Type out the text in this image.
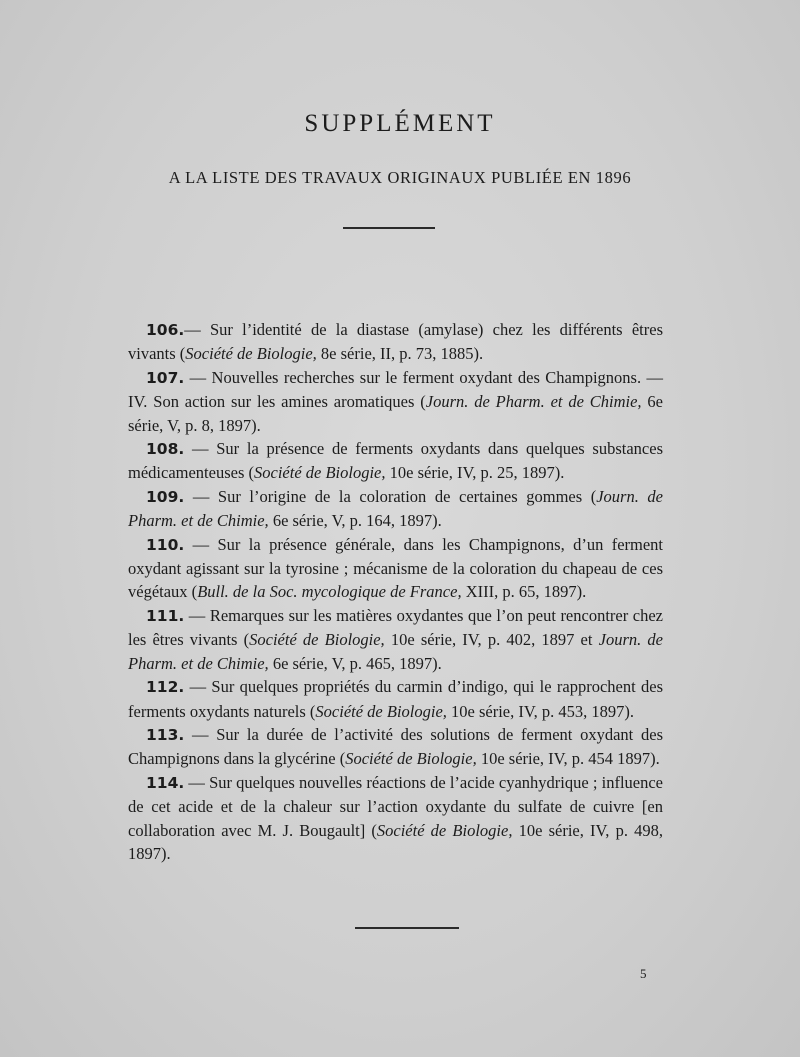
SUPPLÉMENT
A LA LISTE DES TRAVAUX ORIGINAUX PUBLIÉE EN 1896

106.— Sur l’identité de la diastase (amylase) chez les différents êtres vivants (Société de Biologie, 8e série, II, p. 73, 1885).

107. — Nouvelles recherches sur le ferment oxydant des Champignons. — IV. Son action sur les amines aromatiques (Journ. de Pharm. et de Chimie, 6e série, V, p. 8, 1897).

108. — Sur la présence de ferments oxydants dans quelques substances médicamenteuses (Société de Biologie, 10e série, IV, p. 25, 1897).

109. — Sur l’origine de la coloration de certaines gommes (Journ. de Pharm. et de Chimie, 6e série, V, p. 164, 1897).

110. — Sur la présence générale, dans les Champignons, d’un ferment oxydant agissant sur la tyrosine ; mécanisme de la coloration du chapeau de ces végétaux (Bull. de la Soc. mycologique de France, XIII, p. 65, 1897).

111. — Remarques sur les matières oxydantes que l’on peut rencontrer chez les êtres vivants (Société de Biologie, 10e série, IV, p. 402, 1897 et Journ. de Pharm. et de Chimie, 6e série, V, p. 465, 1897).

112. — Sur quelques propriétés du carmin d’indigo, qui le rapprochent des ferments oxydants naturels (Société de Biologie, 10e série, IV, p. 453, 1897).

113. — Sur la durée de l’activité des solutions de ferment oxydant des Champignons dans la glycérine (Société de Biologie, 10e série, IV, p. 454 1897).

114. — Sur quelques nouvelles réactions de l’acide cyanhydrique ; influence de cet acide et de la chaleur sur l’action oxydante du sulfate de cuivre [en collaboration avec M. J. Bougault] (Société de Biologie, 10e série, IV, p. 498, 1897).

5
